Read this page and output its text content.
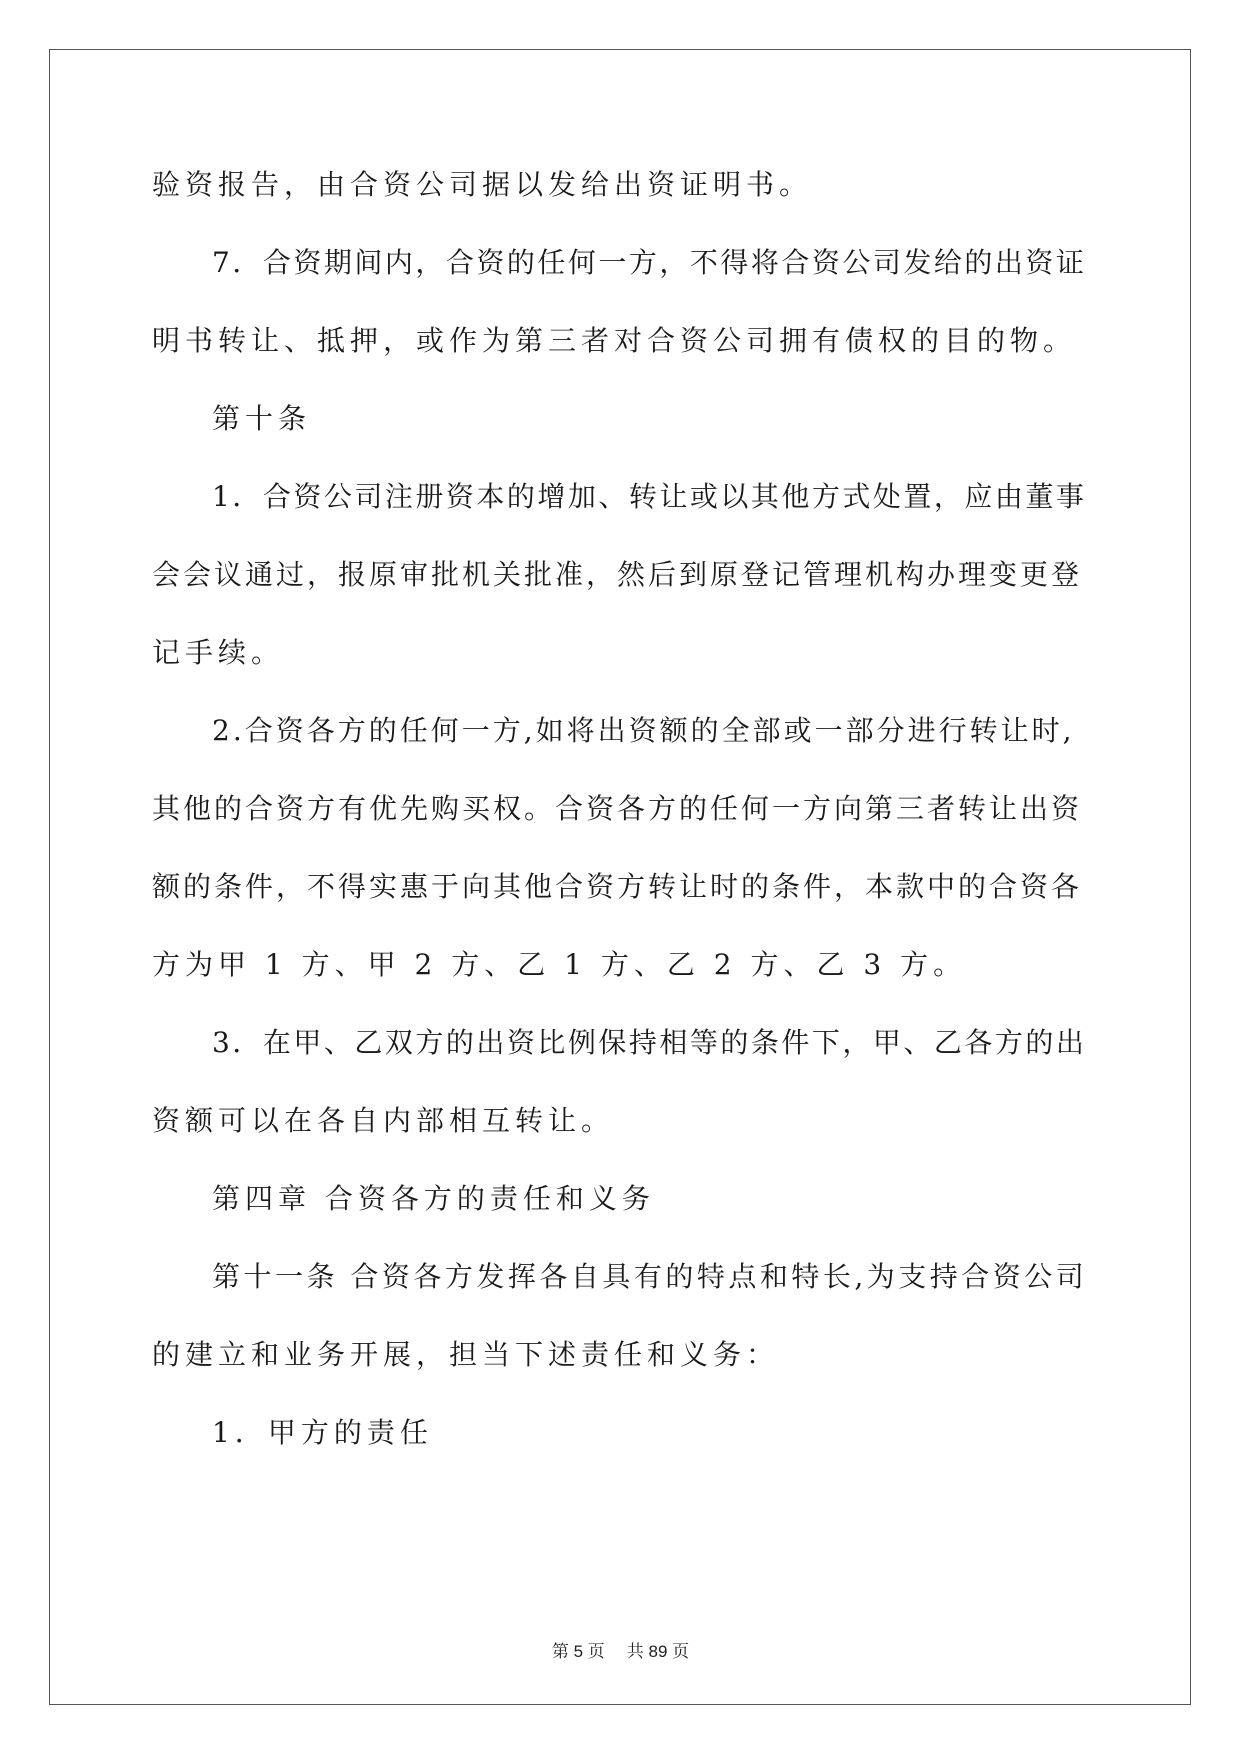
验资报告，由合资公司据以发给出资证明书。
7．合资期间内，合资的任何一方，不得将合资公司发给的出资证
明书转让、抵押，或作为第三者对合资公司拥有债权的目的物。
第十条
1．合资公司注册资本的增加、转让或以其他方式处置，应由董事
会会议通过，报原审批机关批准，然后到原登记管理机构办理变更登
记手续。
2.合资各方的任何一方,如将出资额的全部或一部分进行转让时,
其他的合资方有优先购买权。合资各方的任何一方向第三者转让出资
额的条件，不得实惠于向其他合资方转让时的条件，本款中的合资各
方为甲 1 方、甲 2 方、乙 1 方、乙 2 方、乙 3 方。
3．在甲、乙双方的出资比例保持相等的条件下，甲、乙各方的出
资额可以在各自内部相互转让。
第四章 合资各方的责任和义务
第十一条 合资各方发挥各自具有的特点和特长,为支持合资公司
的建立和业务开展，担当下述责任和义务：
1．甲方的责任
第 5 页 共 89 页
